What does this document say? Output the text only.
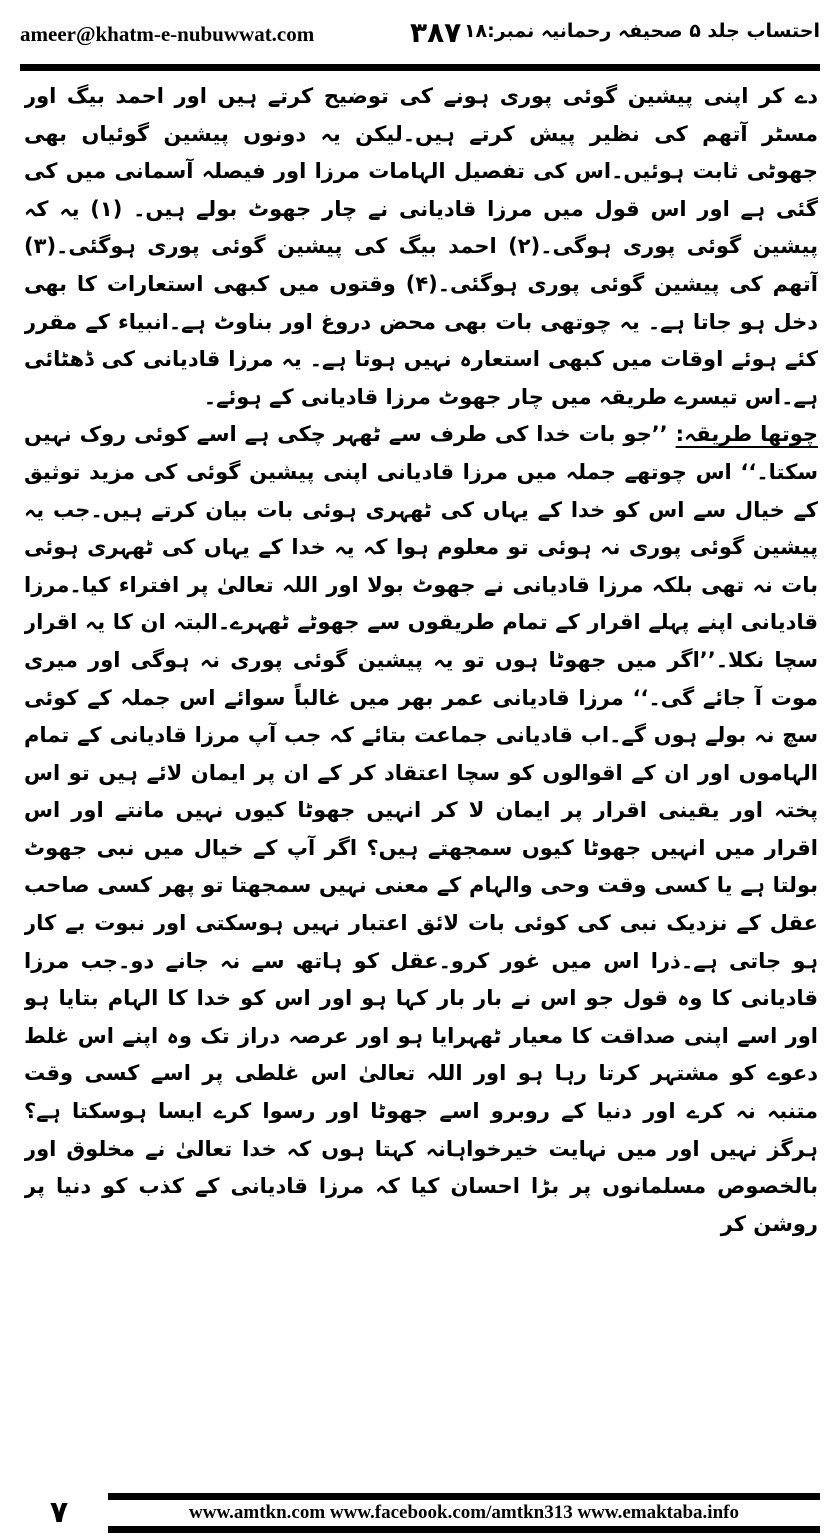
ameer@khatm-e-nubuwwat.com	۳۸۷ احتساب جلد ۵ صحیفہ رحمانیہ نمبر:۱۸

دے کر اپنی پیشین گوئی پوری ہونے کی توضیح کرتے ہیں اور احمد بیگ اور مسٹر آتھم کی نظیر پیش کرتے ہیں۔لیکن یہ دونوں پیشین گوئیاں بھی جھوٹی ثابت ہوئیں۔اس کی تفصیل الہامات مرزا اور فیصلہ آسمانی میں کی گئی ہے اور اس قول میں مرزا قادیانی نے چار جھوٹ بولے ہیں۔ (۱) یہ کہ پیشین گوئی پوری ہوگی۔(۲) احمد بیگ کی پیشین گوئی پوری ہوگئی۔(۳) آتھم کی پیشین گوئی پوری ہوگئی۔(۴) وقتوں میں کبھی استعارات کا بھی دخل ہو جاتا ہے۔ یہ چوتھی بات بھی محض دروغ اور بناوٹ ہے۔انبیاء کے مقرر کئے ہوئے اوقات میں کبھی استعارہ نہیں ہوتا ہے۔ یہ مرزا قادیانی کی ڈھٹائی ہے۔اس تیسرے طریقہ میں چار جھوٹ مرزا قادیانی کے ہوئے۔

چوتھا طریقہ: ’’جو بات خدا کی طرف سے ٹھہر چکی ہے اسے کوئی روک نہیں سکتا۔‘‘ اس چوتھے جملہ میں مرزا قادیانی اپنی پیشین گوئی کی مزید توثیق کے خیال سے اس کو خدا کے یہاں کی ٹھہری ہوئی بات بیان کرتے ہیں۔جب یہ پیشین گوئی پوری نہ ہوئی تو معلوم ہوا کہ یہ خدا کے یہاں کی ٹھہری ہوئی بات نہ تھی بلکہ مرزا قادیانی نے جھوٹ بولا اور اللہ تعالیٰ پر افتراء کیا۔مرزا قادیانی اپنے پہلے اقرار کے تمام طریقوں سے جھوٹے ٹھہرے۔البتہ ان کا یہ اقرار سچا نکلا۔’’اگر میں جھوٹا ہوں تو یہ پیشین گوئی پوری نہ ہوگی اور میری موت آ جائے گی۔‘‘ مرزا قادیانی عمر بھر میں غالباً سوائے اس جملہ کے کوئی سچ نہ بولے ہوں گے۔اب قادیانی جماعت بتائے کہ جب آپ مرزا قادیانی کے تمام الہاموں اور ان کے اقوالوں کو سچا اعتقاد کر کے ان پر ایمان لائے ہیں تو اس پختہ اور یقینی اقرار پر ایمان لا کر انہیں جھوٹا کیوں نہیں مانتے اور اس اقرار میں انہیں جھوٹا کیوں سمجھتے ہیں؟ اگر آپ کے خیال میں نبی جھوٹ بولتا ہے یا کسی وقت وحی والہام کے معنی نہیں سمجھتا تو پھر کسی صاحب عقل کے نزدیک نبی کی کوئی بات لائق اعتبار نہیں ہوسکتی اور نبوت بے کار ہو جاتی ہے۔ذرا اس میں غور کرو۔عقل کو ہاتھ سے نہ جانے دو۔جب مرزا قادیانی کا وہ قول جو اس نے بار بار کہا ہو اور اس کو خدا کا الہام بتایا ہو اور اسے اپنی صداقت کا معیار ٹھہرایا ہو اور عرصہ دراز تک وہ اپنے اس غلط دعوے کو مشتہر کرتا رہا ہو اور اللہ تعالیٰ اس غلطی پر اسے کسی وقت متنبہ نہ کرے اور دنیا کے روبرو اسے جھوٹا اور رسوا کرے ایسا ہوسکتا ہے؟ ہرگز نہیں اور میں نہایت خیرخواہانہ کہتا ہوں کہ خدا تعالیٰ نے مخلوق اور بالخصوص مسلمانوں پر بڑا احسان کیا کہ مرزا قادیانی کے کذب کو دنیا پر روشن کر

۷	www.amtkn.com www.facebook.com/amtkn313 www.emaktaba.info
